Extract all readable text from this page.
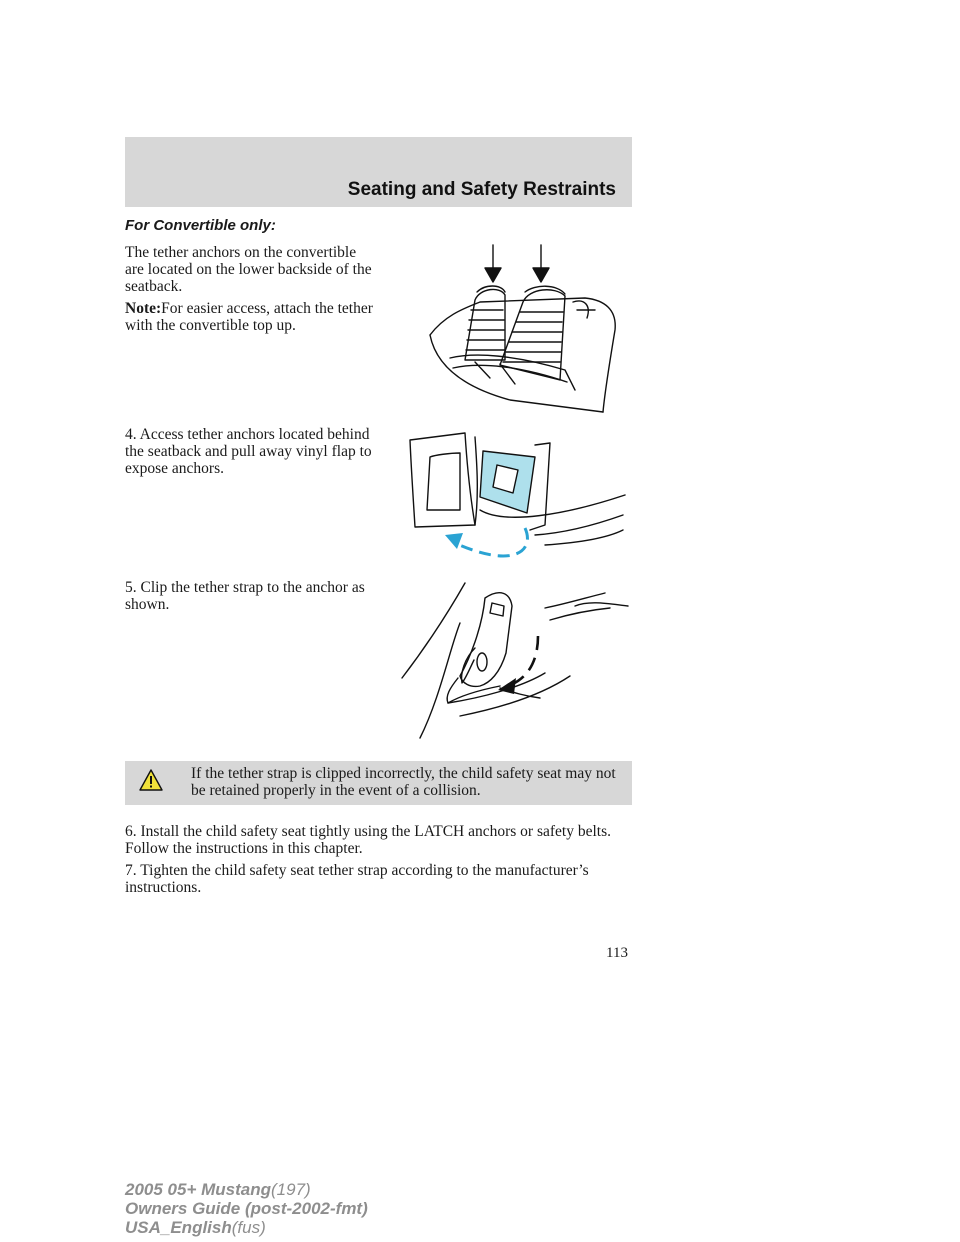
Seating and Safety Restraints
For Convertible only:

The tether anchors on the convertible are located on the lower backside of the seatback.

Note:For easier access, attach the tether with the convertible top up.

4. Access tether anchors located behind the seatback and pull away vinyl flap to expose anchors.

5. Clip the tether strap to the anchor as shown.

If the tether strap is clipped incorrectly, the child safety seat may not be retained properly in the event of a collision.

6. Install the child safety seat tightly using the LATCH anchors or safety belts. Follow the instructions in this chapter.

7. Tighten the child safety seat tether strap according to the manufacturer’s instructions.

113
2005 05+ Mustang(197)
Owners Guide (post-2002-fmt)
USA_English(fus)
